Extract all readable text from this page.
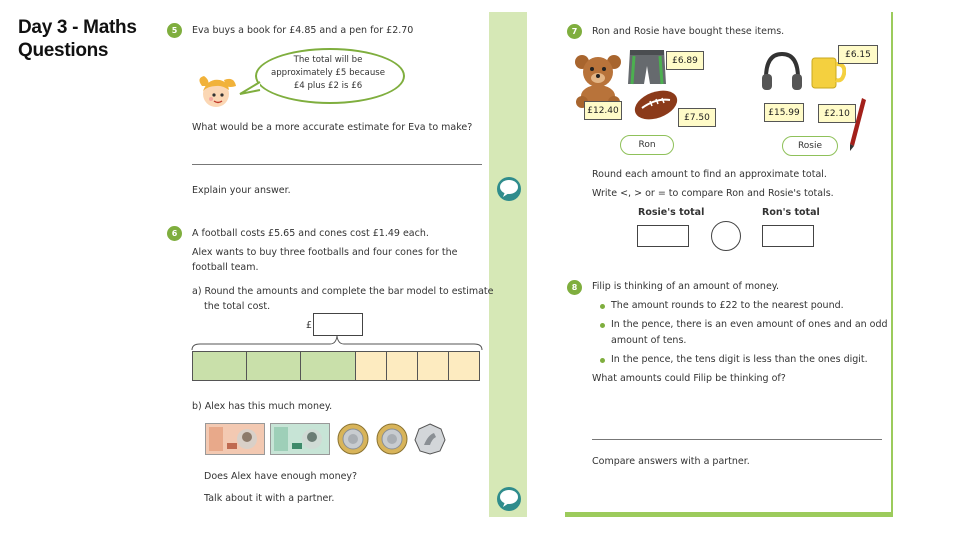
Day 3 - Maths
Questions
5	Eva buys a book for £4.85 and a pen for £2.70
The total will be
approximately £5 because
£4 plus £2 is £6
What would be a more accurate estimate for Eva to make?
Explain your answer.
6	A football costs £5.65 and cones cost £1.49 each.
Alex wants to buy three footballs and four cones for the
football team.
a) Round the amounts and complete the bar model to estimate
the total cost.
£
b) Alex has this much money.
Does Alex have enough money?
Talk about it with a partner.
7	Ron and Rosie have bought these items.
£6.89
£12.40
£7.50
£6.15
£15.99	£2.10
Ron	Rosie
Round each amount to find an approximate total.
Write <, > or = to compare Ron and Rosie's totals.
Rosie's total	Ron's total
8	Filip is thinking of an amount of money.
The amount rounds to £22 to the nearest pound.
In the pence, there is an even amount of ones and an odd
amount of tens.
In the pence, the tens digit is less than the ones digit.
What amounts could Filip be thinking of?
Compare answers with a partner.
